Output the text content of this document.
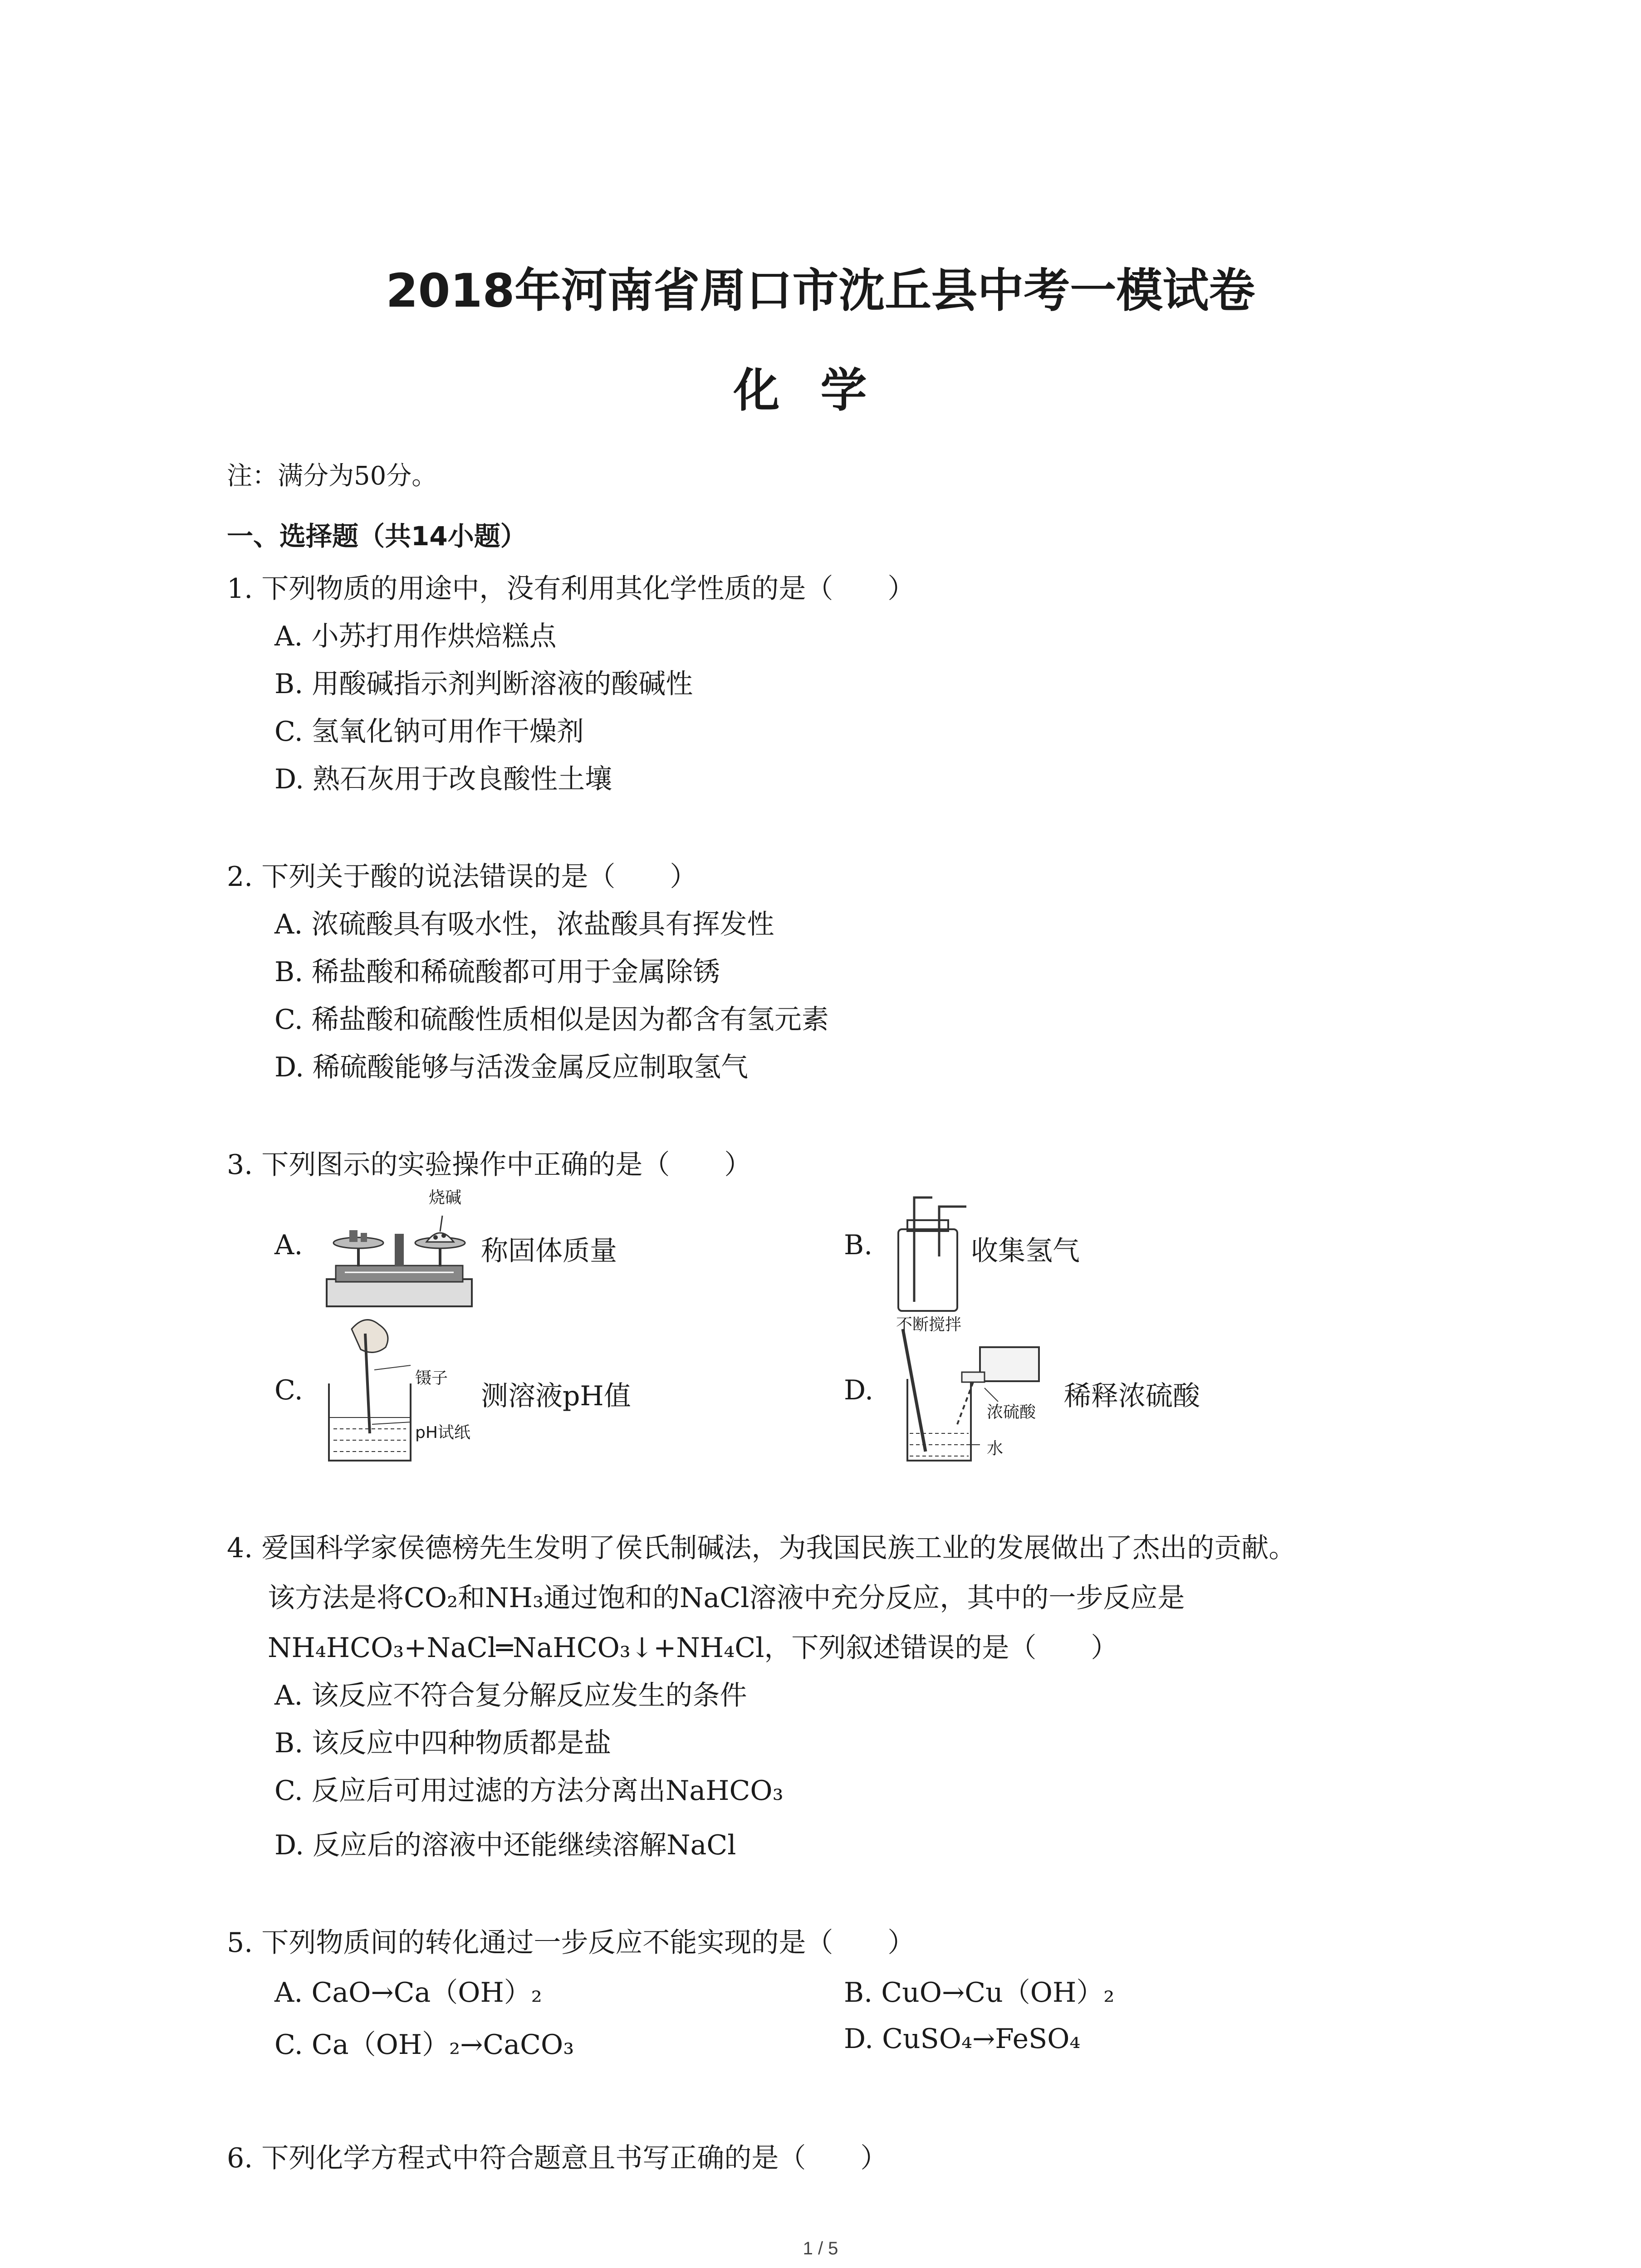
2018年河南省周口市沈丘县中考一模试卷
化学
注：满分为50分。
一、选择题（共14小题）
1. 下列物质的用途中，没有利用其化学性质的是（　　）
A. 小苏打用作烘焙糕点
B. 用酸碱指示剂判断溶液的酸碱性
C. 氢氧化钠可用作干燥剂
D. 熟石灰用于改良酸性土壤
2. 下列关于酸的说法错误的是（　　）
A. 浓硫酸具有吸水性，浓盐酸具有挥发性
B. 稀盐酸和稀硫酸都可用于金属除锈
C. 稀盐酸和硫酸性质相似是因为都含有氢元素
D. 稀硫酸能够与活泼金属反应制取氢气
3. 下列图示的实验操作中正确的是（　　）
A.
烧碱
称固体质量	B.	收集氢气
C.	镊子
pH试纸
测溶液pH值	D.
不断搅拌
浓硫酸
水
稀释浓硫酸
4. 爱国科学家侯德榜先生发明了侯氏制碱法，为我国民族工业的发展做出了杰出的贡献。
该方法是将CO₂和NH₃通过饱和的NaCl溶液中充分反应，其中的一步反应是
NH₄HCO₃+NaCl═NaHCO₃↓+NH₄Cl，下列叙述错误的是（　　）
A. 该反应不符合复分解反应发生的条件
B. 该反应中四种物质都是盐
C. 反应后可用过滤的方法分离出NaHCO₃
D. 反应后的溶液中还能继续溶解NaCl
5. 下列物质间的转化通过一步反应不能实现的是（　　）
A. CaO→Ca（OH）₂	B. CuO→Cu（OH）₂
C. Ca（OH）₂→CaCO₃	D. CuSO₄→FeSO₄
6. 下列化学方程式中符合题意且书写正确的是（　　）
1 / 5
